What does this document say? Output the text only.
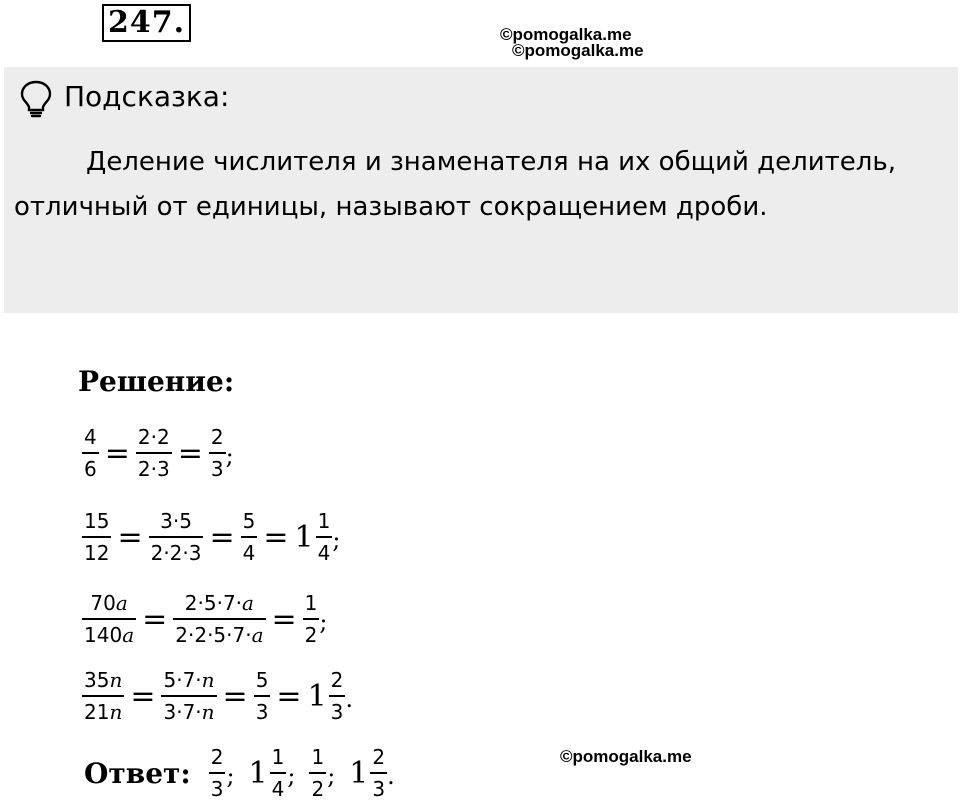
247.	©pomogalka.me
©pomogalka.me
Подсказка:

Деление числителя и знаменателя на их общий делитель, отличный от единицы, называют сокращением дроби.

Решение:
$\frac{4}{6} = \frac{2\cdot 2}{2\cdot 3} = \frac{2}{3}$ ;
$\frac{15}{12} = \frac{3\cdot 5}{2\cdot 2\cdot 3} = \frac{5}{4} = 1 \frac{1}{4}$ ;
$\frac{70a}{140a} = \frac{2\cdot 5\cdot 7\cdot a}{2\cdot 2\cdot 5\cdot 7\cdot a} = \frac{1}{2}$ ;
$\frac{35n}{21n} = \frac{5\cdot 7\cdot n}{3\cdot 7\cdot n} = \frac{5}{3} = 1 \frac{2}{3}$ .
©pomogalka.me
Ответ: $\frac{2}{3}$ ; $1 \frac{1}{4}$ ; $\frac{1}{2}$ ; $1 \frac{2}{3}$ .
